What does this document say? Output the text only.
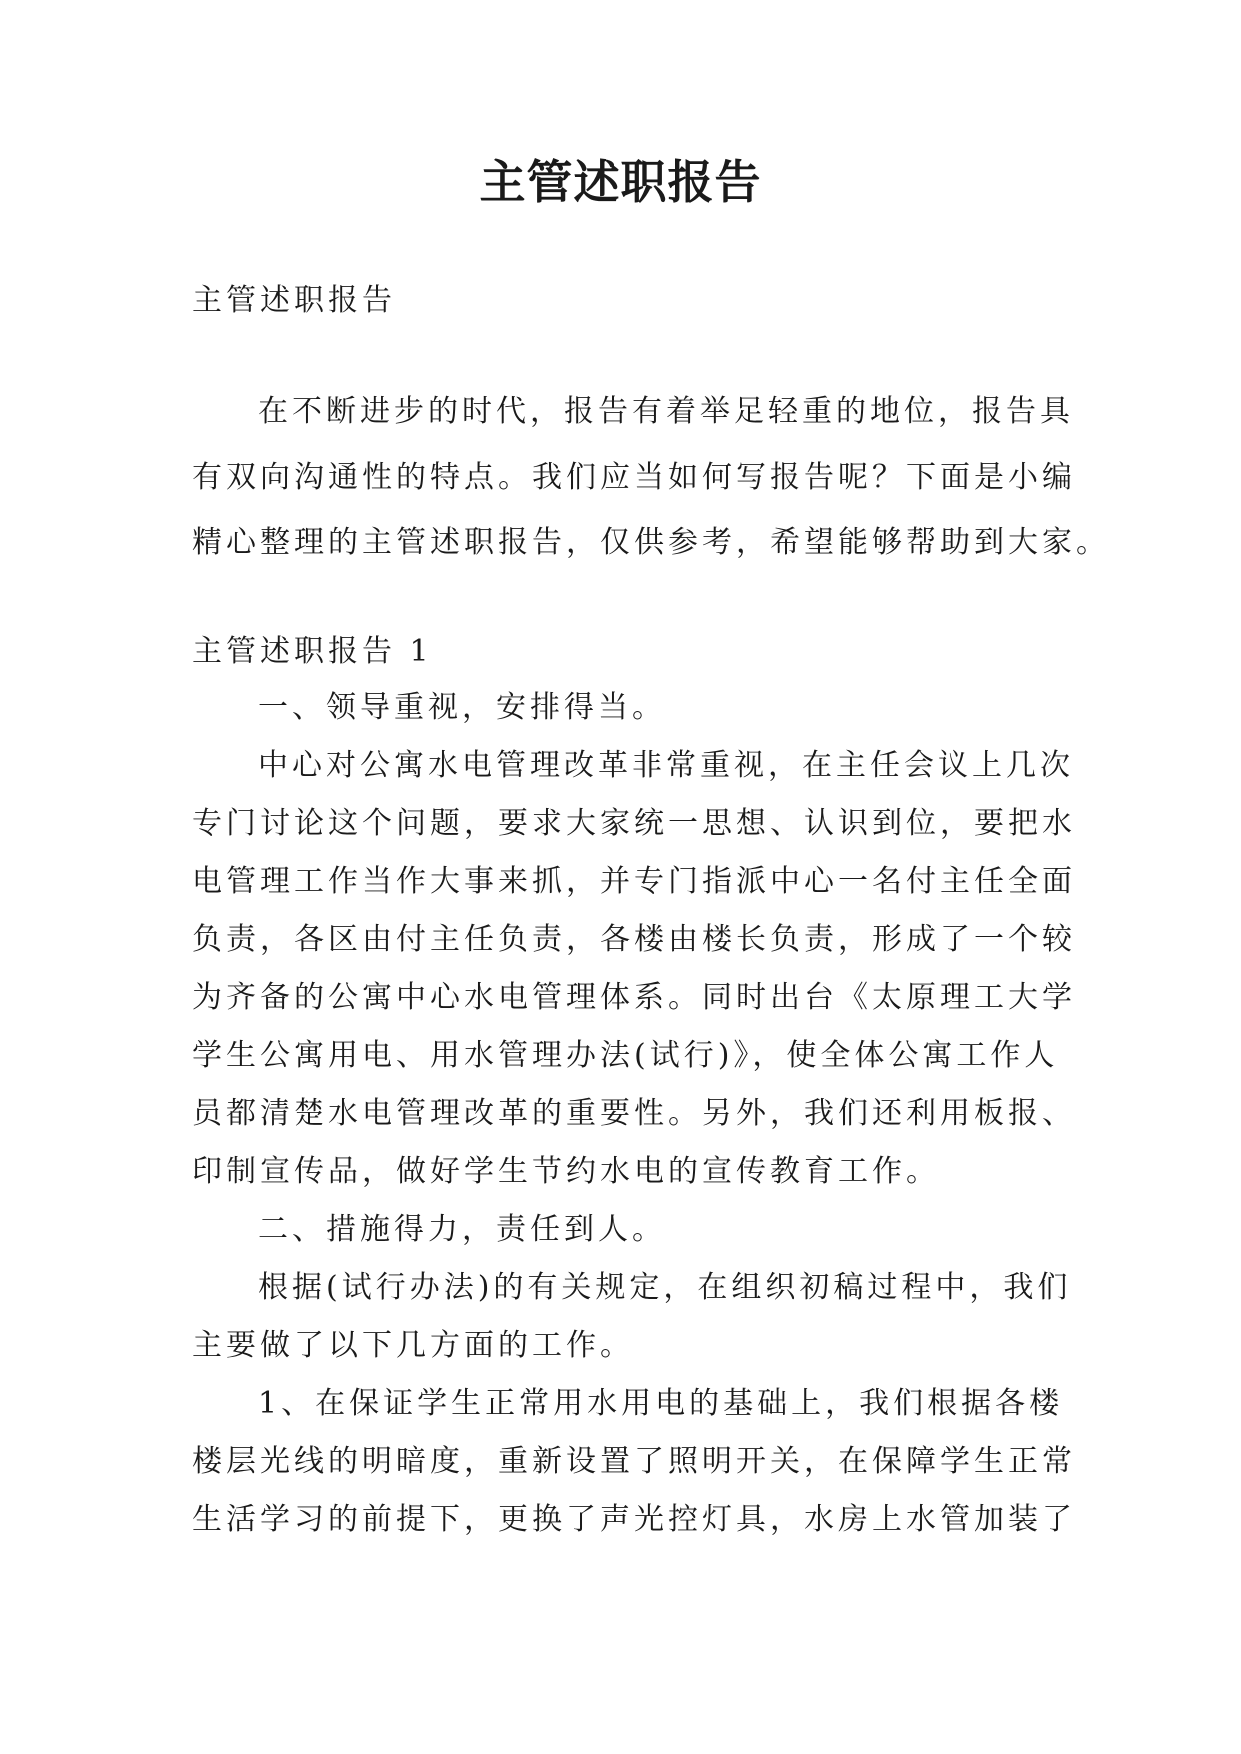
主管述职报告

主管述职报告

在不断进步的时代，报告有着举足轻重的地位，报告具

有双向沟通性的特点。我们应当如何写报告呢？下面是小编

精心整理的主管述职报告，仅供参考，希望能够帮助到大家。

主管述职报告 1

一、领导重视，安排得当。

中心对公寓水电管理改革非常重视，在主任会议上几次

专门讨论这个问题，要求大家统一思想、认识到位，要把水

电管理工作当作大事来抓，并专门指派中心一名付主任全面

负责，各区由付主任负责，各楼由楼长负责，形成了一个较

为齐备的公寓中心水电管理体系。同时出台《太原理工大学

学生公寓用电、用水管理办法(试行)》，使全体公寓工作人

员都清楚水电管理改革的重要性。另外，我们还利用板报、

印制宣传品，做好学生节约水电的宣传教育工作。

二、措施得力，责任到人。

根据(试行办法)的有关规定，在组织初稿过程中，我们

主要做了以下几方面的工作。

1、在保证学生正常用水用电的基础上，我们根据各楼

楼层光线的明暗度，重新设置了照明开关，在保障学生正常

生活学习的前提下，更换了声光控灯具，水房上水管加装了
